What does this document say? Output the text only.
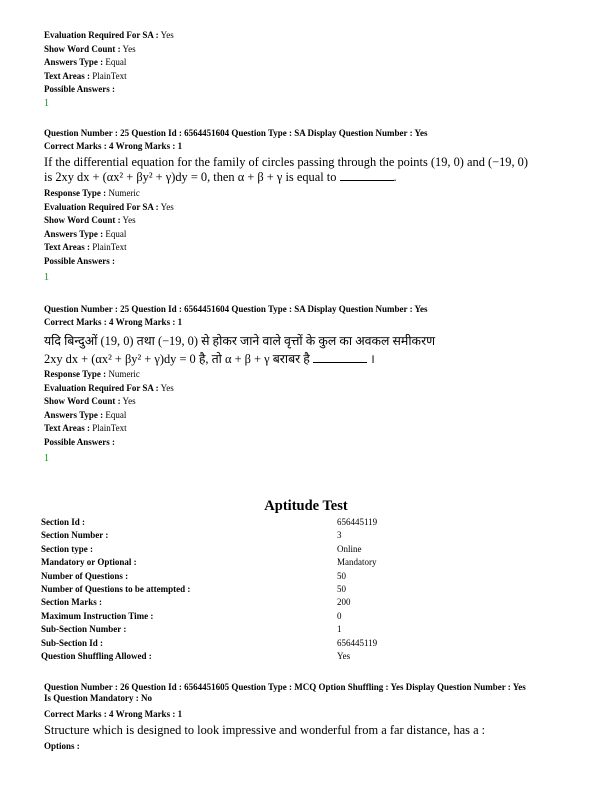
Evaluation Required For SA : Yes
Show Word Count : Yes
Answers Type : Equal
Text Areas : PlainText
Possible Answers :
1
Question Number : 25 Question Id : 6564451604 Question Type : SA Display Question Number : Yes
Correct Marks : 4 Wrong Marks : 1
If the differential equation for the family of circles passing through the points (19, 0) and (−19, 0)
is 2xy dx + (αx² + βy² + γ)dy = 0, then α + β + γ is equal to	.
Response Type : Numeric
Evaluation Required For SA : Yes
Show Word Count : Yes
Answers Type : Equal
Text Areas : PlainText
Possible Answers :
1
Question Number : 25 Question Id : 6564451604 Question Type : SA Display Question Number : Yes
Correct Marks : 4 Wrong Marks : 1
यदि बिन्दुओं (19, 0) तथा (−19, 0) से होकर जाने वाले वृत्तों के कुल का अवकल समीकरण
2xy dx + (αx² + βy² + γ)dy = 0 है, तो α + β + γ बराबर है	।
Response Type : Numeric
Evaluation Required For SA : Yes
Show Word Count : Yes
Answers Type : Equal
Text Areas : PlainText
Possible Answers :
1
Aptitude Test
Section Id :	656445119
Section Number :	3
Section type :	Online
Mandatory or Optional :	Mandatory
Number of Questions :	50
Number of Questions to be attempted :	50
Section Marks :	200
Maximum Instruction Time :	0
Sub-Section Number :	1
Sub-Section Id :	656445119
Question Shuffling Allowed :	Yes
Question Number : 26 Question Id : 6564451605 Question Type : MCQ Option Shuffling : Yes Display Question Number : Yes
Is Question Mandatory : No
Correct Marks : 4 Wrong Marks : 1
Structure which is designed to look impressive and wonderful from a far distance, has a :
Options :
